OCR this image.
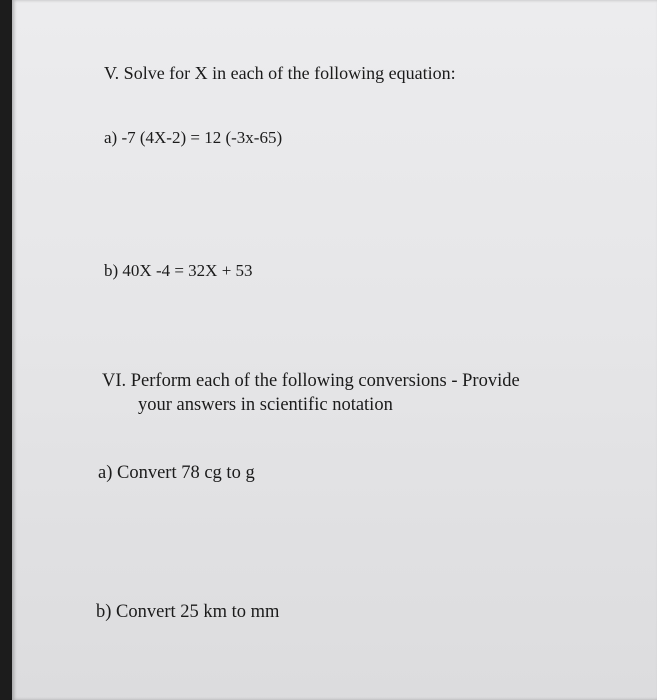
V. Solve for X in each of the following equation:
a) -7 (4X-2) = 12 (-3x-65)
b) 40X -4 = 32X + 53
VI. Perform each of the following conversions - Provide
your answers in scientific notation
a) Convert 78 cg to g
b) Convert 25 km to mm
